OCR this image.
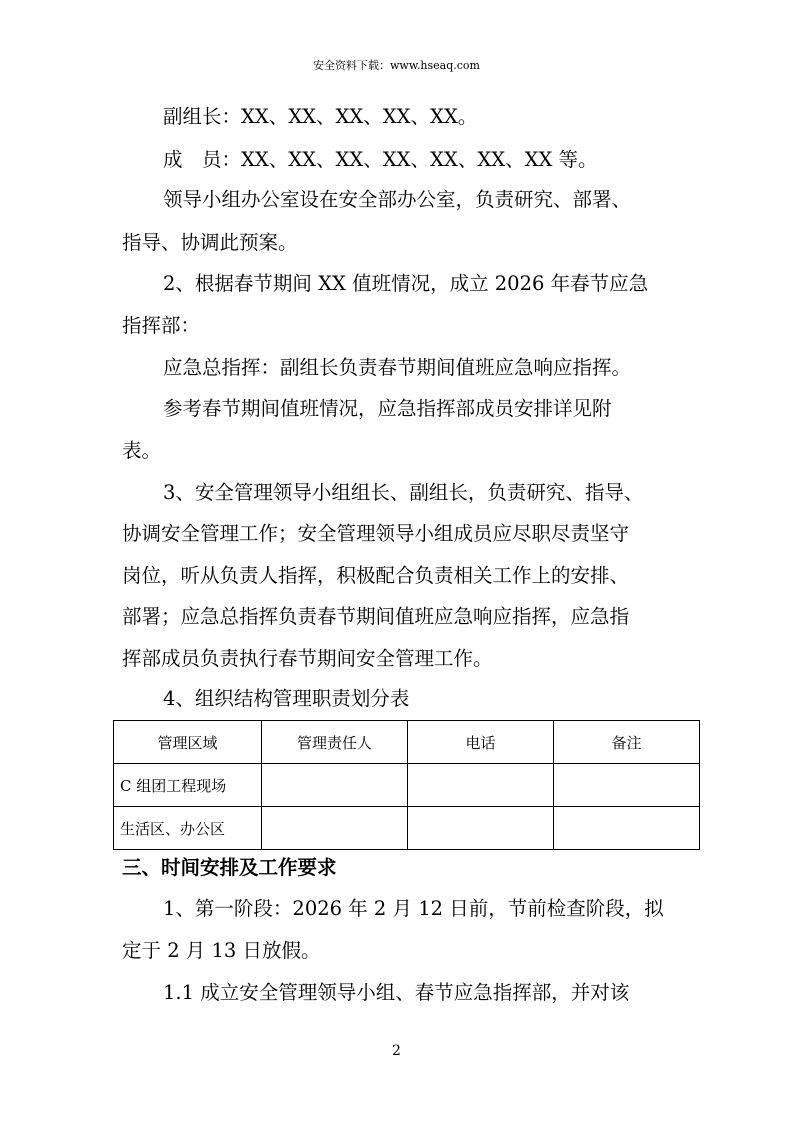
安全资料下载：www.hseaq.com
副组长：XX、XX、XX、XX、XX。
成　员：XX、XX、XX、XX、XX、XX、XX 等。
领导小组办公室设在安全部办公室，负责研究、部署、
指导、协调此预案。
2、根据春节期间 XX 值班情况，成立 2026 年春节应急
指挥部：
应急总指挥：副组长负责春节期间值班应急响应指挥。
参考春节期间值班情况，应急指挥部成员安排详见附
表。
3、安全管理领导小组组长、副组长，负责研究、指导、
协调安全管理工作；安全管理领导小组成员应尽职尽责坚守
岗位，听从负责人指挥，积极配合负责相关工作上的安排、
部署；应急总指挥负责春节期间值班应急响应指挥，应急指
挥部成员负责执行春节期间安全管理工作。
4、组织结构管理职责划分表
管理区域	管理责任人	电话	备注
C 组团工程现场			
生活区、办公区			
三、时间安排及工作要求
1、第一阶段：2026 年 2 月 12 日前，节前检查阶段，拟
定于 2 月 13 日放假。
1.1 成立安全管理领导小组、春节应急指挥部，并对该
2
